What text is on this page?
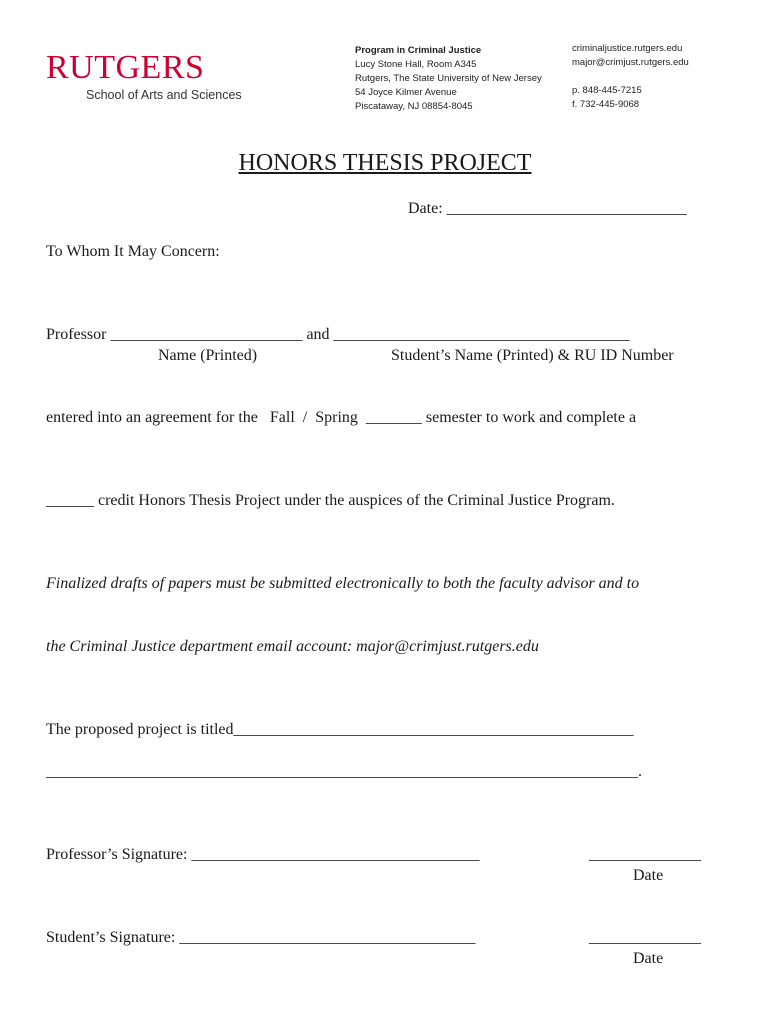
RUTGERS
School of Arts and Sciences
Program in Criminal Justice
Lucy Stone Hall, Room A345
Rutgers, The State University of New Jersey
54 Joyce Kilmer Avenue
Piscataway, NJ 08854-8045
criminaljustice.rutgers.edu
major@crimjust.rutgers.edu
p. 848-445-7215
f. 732-445-9068
HONORS THESIS PROJECT
Date: ______________________________
To Whom It May Concern:
Professor ________________________ and _____________________________________
Name (Printed)	Student’s Name (Printed) & RU ID Number
entered into an agreement for the   Fall  /  Spring  _______ semester to work and complete a
______ credit Honors Thesis Project under the auspices of the Criminal Justice Program.
Finalized drafts of papers must be submitted electronically to both the faculty advisor and to
the Criminal Justice department email account: major@crimjust.rutgers.edu
The proposed project is titled__________________________________________________
__________________________________________________________________________.
Professor’s Signature: ____________________________________	______________
Date
Student’s Signature: _____________________________________	______________
Date
